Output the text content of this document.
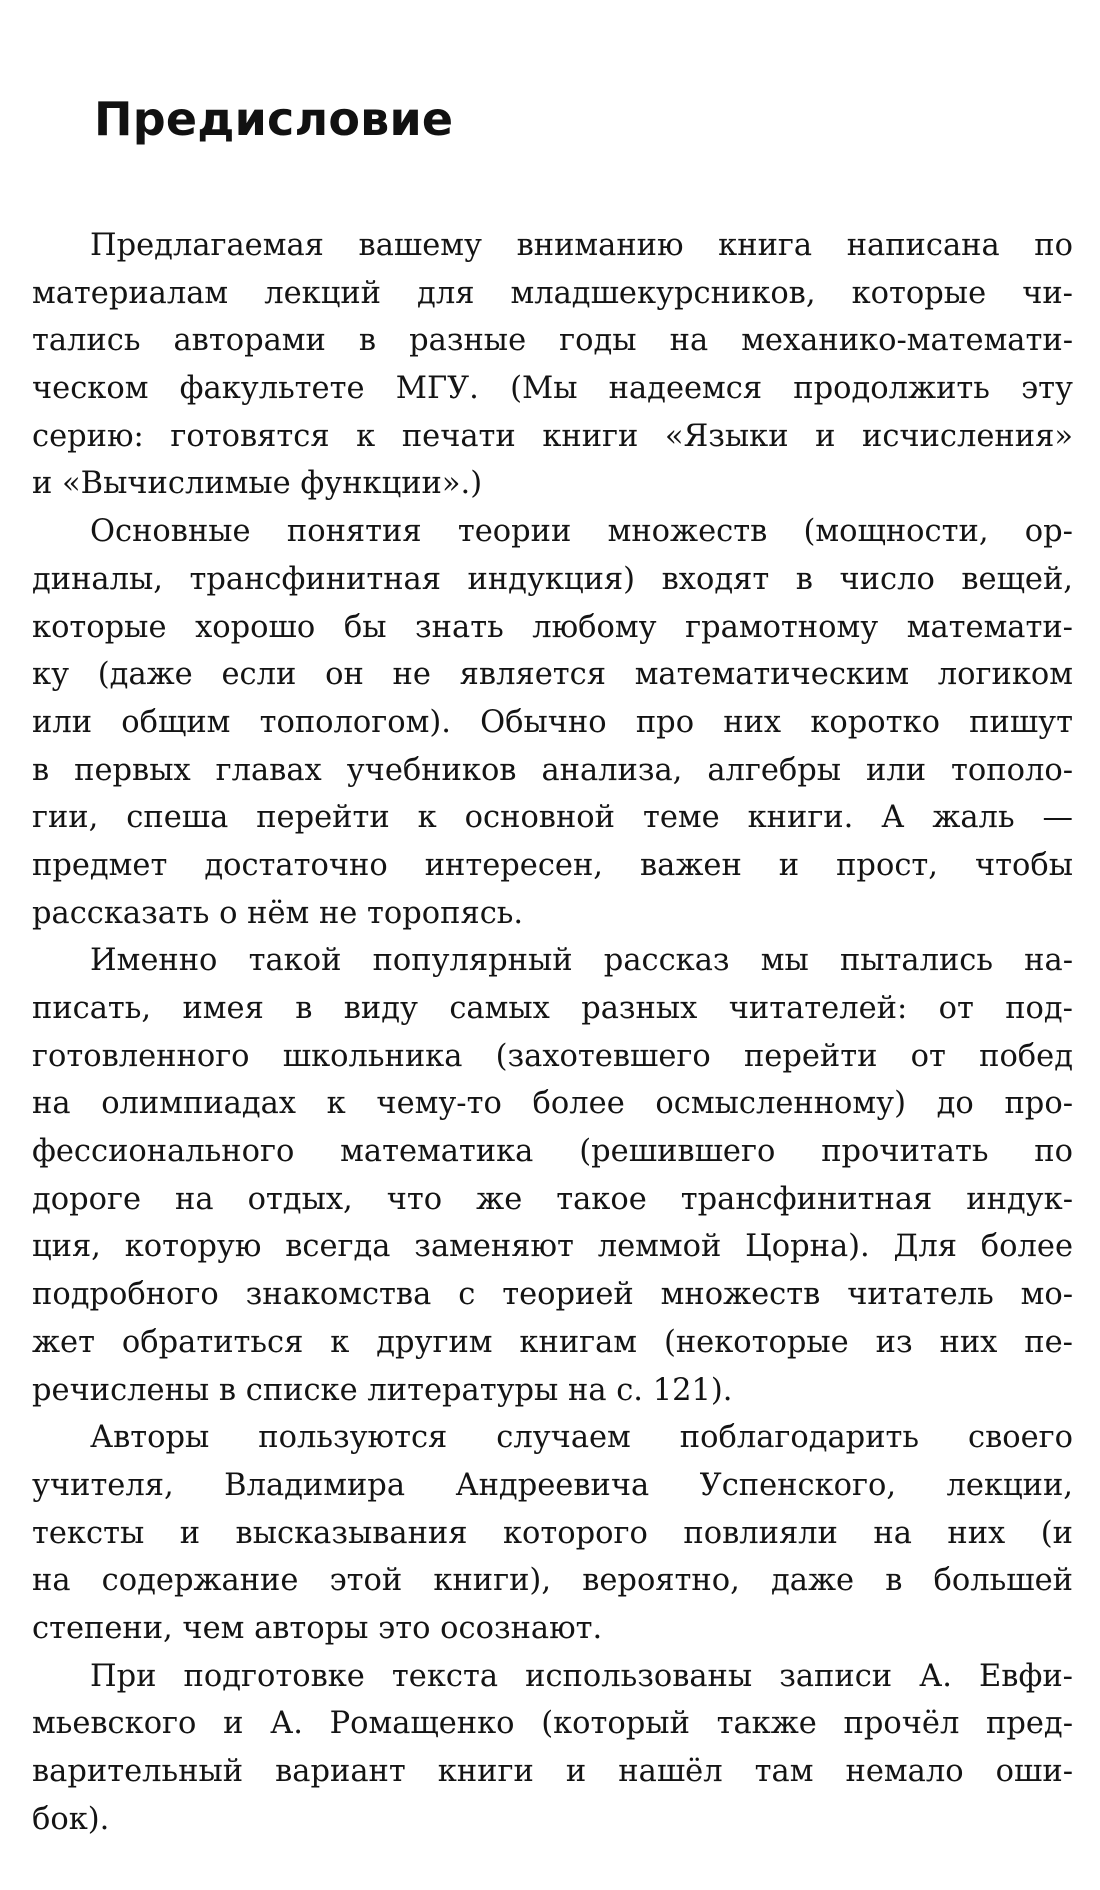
Предисловие
Предлагаемая вашему вниманию книга написана по
материалам лекций для младшекурсников, которые чи-
тались авторами в разные годы на механико-математи-
ческом факультете МГУ. (Мы надеемся продолжить эту
серию: готовятся к печати книги «Языки и исчисления»
и «Вычислимые функции».)
Основные понятия теории множеств (мощности, ор-
диналы, трансфинитная индукция) входят в число вещей,
которые хорошо бы знать любому грамотному математи-
ку (даже если он не является математическим логиком
или общим топологом). Обычно про них коротко пишут
в первых главах учебников анализа, алгебры или тополо-
гии, спеша перейти к основной теме книги. А жаль —
предмет достаточно интересен, важен и прост, чтобы
рассказать о нём не торопясь.
Именно такой популярный рассказ мы пытались на-
писать, имея в виду самых разных читателей: от под-
готовленного школьника (захотевшего перейти от побед
на олимпиадах к чему-то более осмысленному) до про-
фессионального математика (решившего прочитать по
дороге на отдых, что же такое трансфинитная индук-
ция, которую всегда заменяют леммой Цорна). Для более
подробного знакомства с теорией множеств читатель мо-
жет обратиться к другим книгам (некоторые из них пе-
речислены в списке литературы на с. 121).
Авторы пользуются случаем поблагодарить своего
учителя, Владимира Андреевича Успенского, лекции,
тексты и высказывания которого повлияли на них (и
на содержание этой книги), вероятно, даже в большей
степени, чем авторы это осознают.
При подготовке текста использованы записи А. Евфи-
мьевского и А. Ромащенко (который также прочёл пред-
варительный вариант книги и нашёл там немало оши-
бок).
